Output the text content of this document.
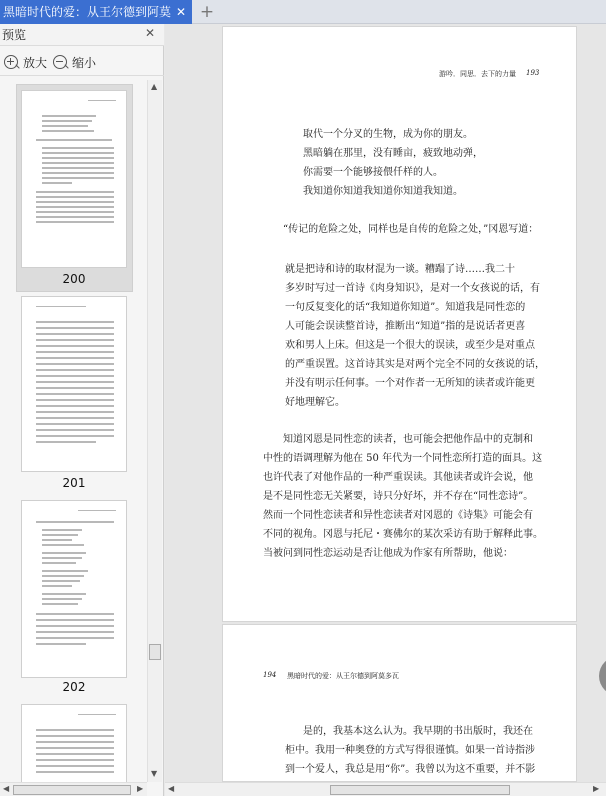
黑暗时代的爱：从王尔德到阿莫 ✕ +
预览	✕
放大 缩小
200
201
202
▲
▼
◀	▶
游吟．同思．去下的力量 193
取代一个分叉的生物，成为你的朋友。
黑暗躺在那里，没有睡亩，疲致地动弹，
你需要一个能够接偎仟样的人。
我知道你知道我知道你知道我知道。
“传记的危险之处，同样也是自传的危险之处，”冈恩写道：
就是把诗和诗的取材混为一谈。糟蹋了诗……我二十
多岁时写过一首诗《肉身知识》，是对一个女孩说的话，有
一句反复变化的话“我知道你知道”。知道我是同性恋的
人可能会误读整首诗，推断出“知道”指的是说话者更喜
欢和男人上床。但这是一个很大的误读，或至少是对重点
的严重误置。这首诗其实是对两个完全不同的女孩说的话，
并没有明示任何事。一个对作者一无所知的读者或许能更
好地理解它。
知道冈恩是同性恋的读者，也可能会把他作品中的克制和
中性的语调理解为他在 50 年代为一个同性恋所打造的面具。这
也许代表了对他作品的一种严重误读。其他读者或许会说，他
是不是同性恋无关紧要，诗只分好坏，并不存在“同性恋诗”。
然而一个同性恋读者和异性恋读者对冈恩的《诗集》可能会有
不同的视角。冈恩与托尼・赛佛尔的某次采访有助于解释此事。
当被问到同性恋运动是否让他成为作家有所帮助，他说：
194 黑暗时代的爱：从王尔德到阿莫多瓦
是的，我基本这么认为。我早期的书出版时，我还在
柜中。我用一种奥登的方式写得很谨慎。如果一首诗指涉
到一个爱人，我总是用“你”。我曾以为这不重要，并不影
◀	▶
